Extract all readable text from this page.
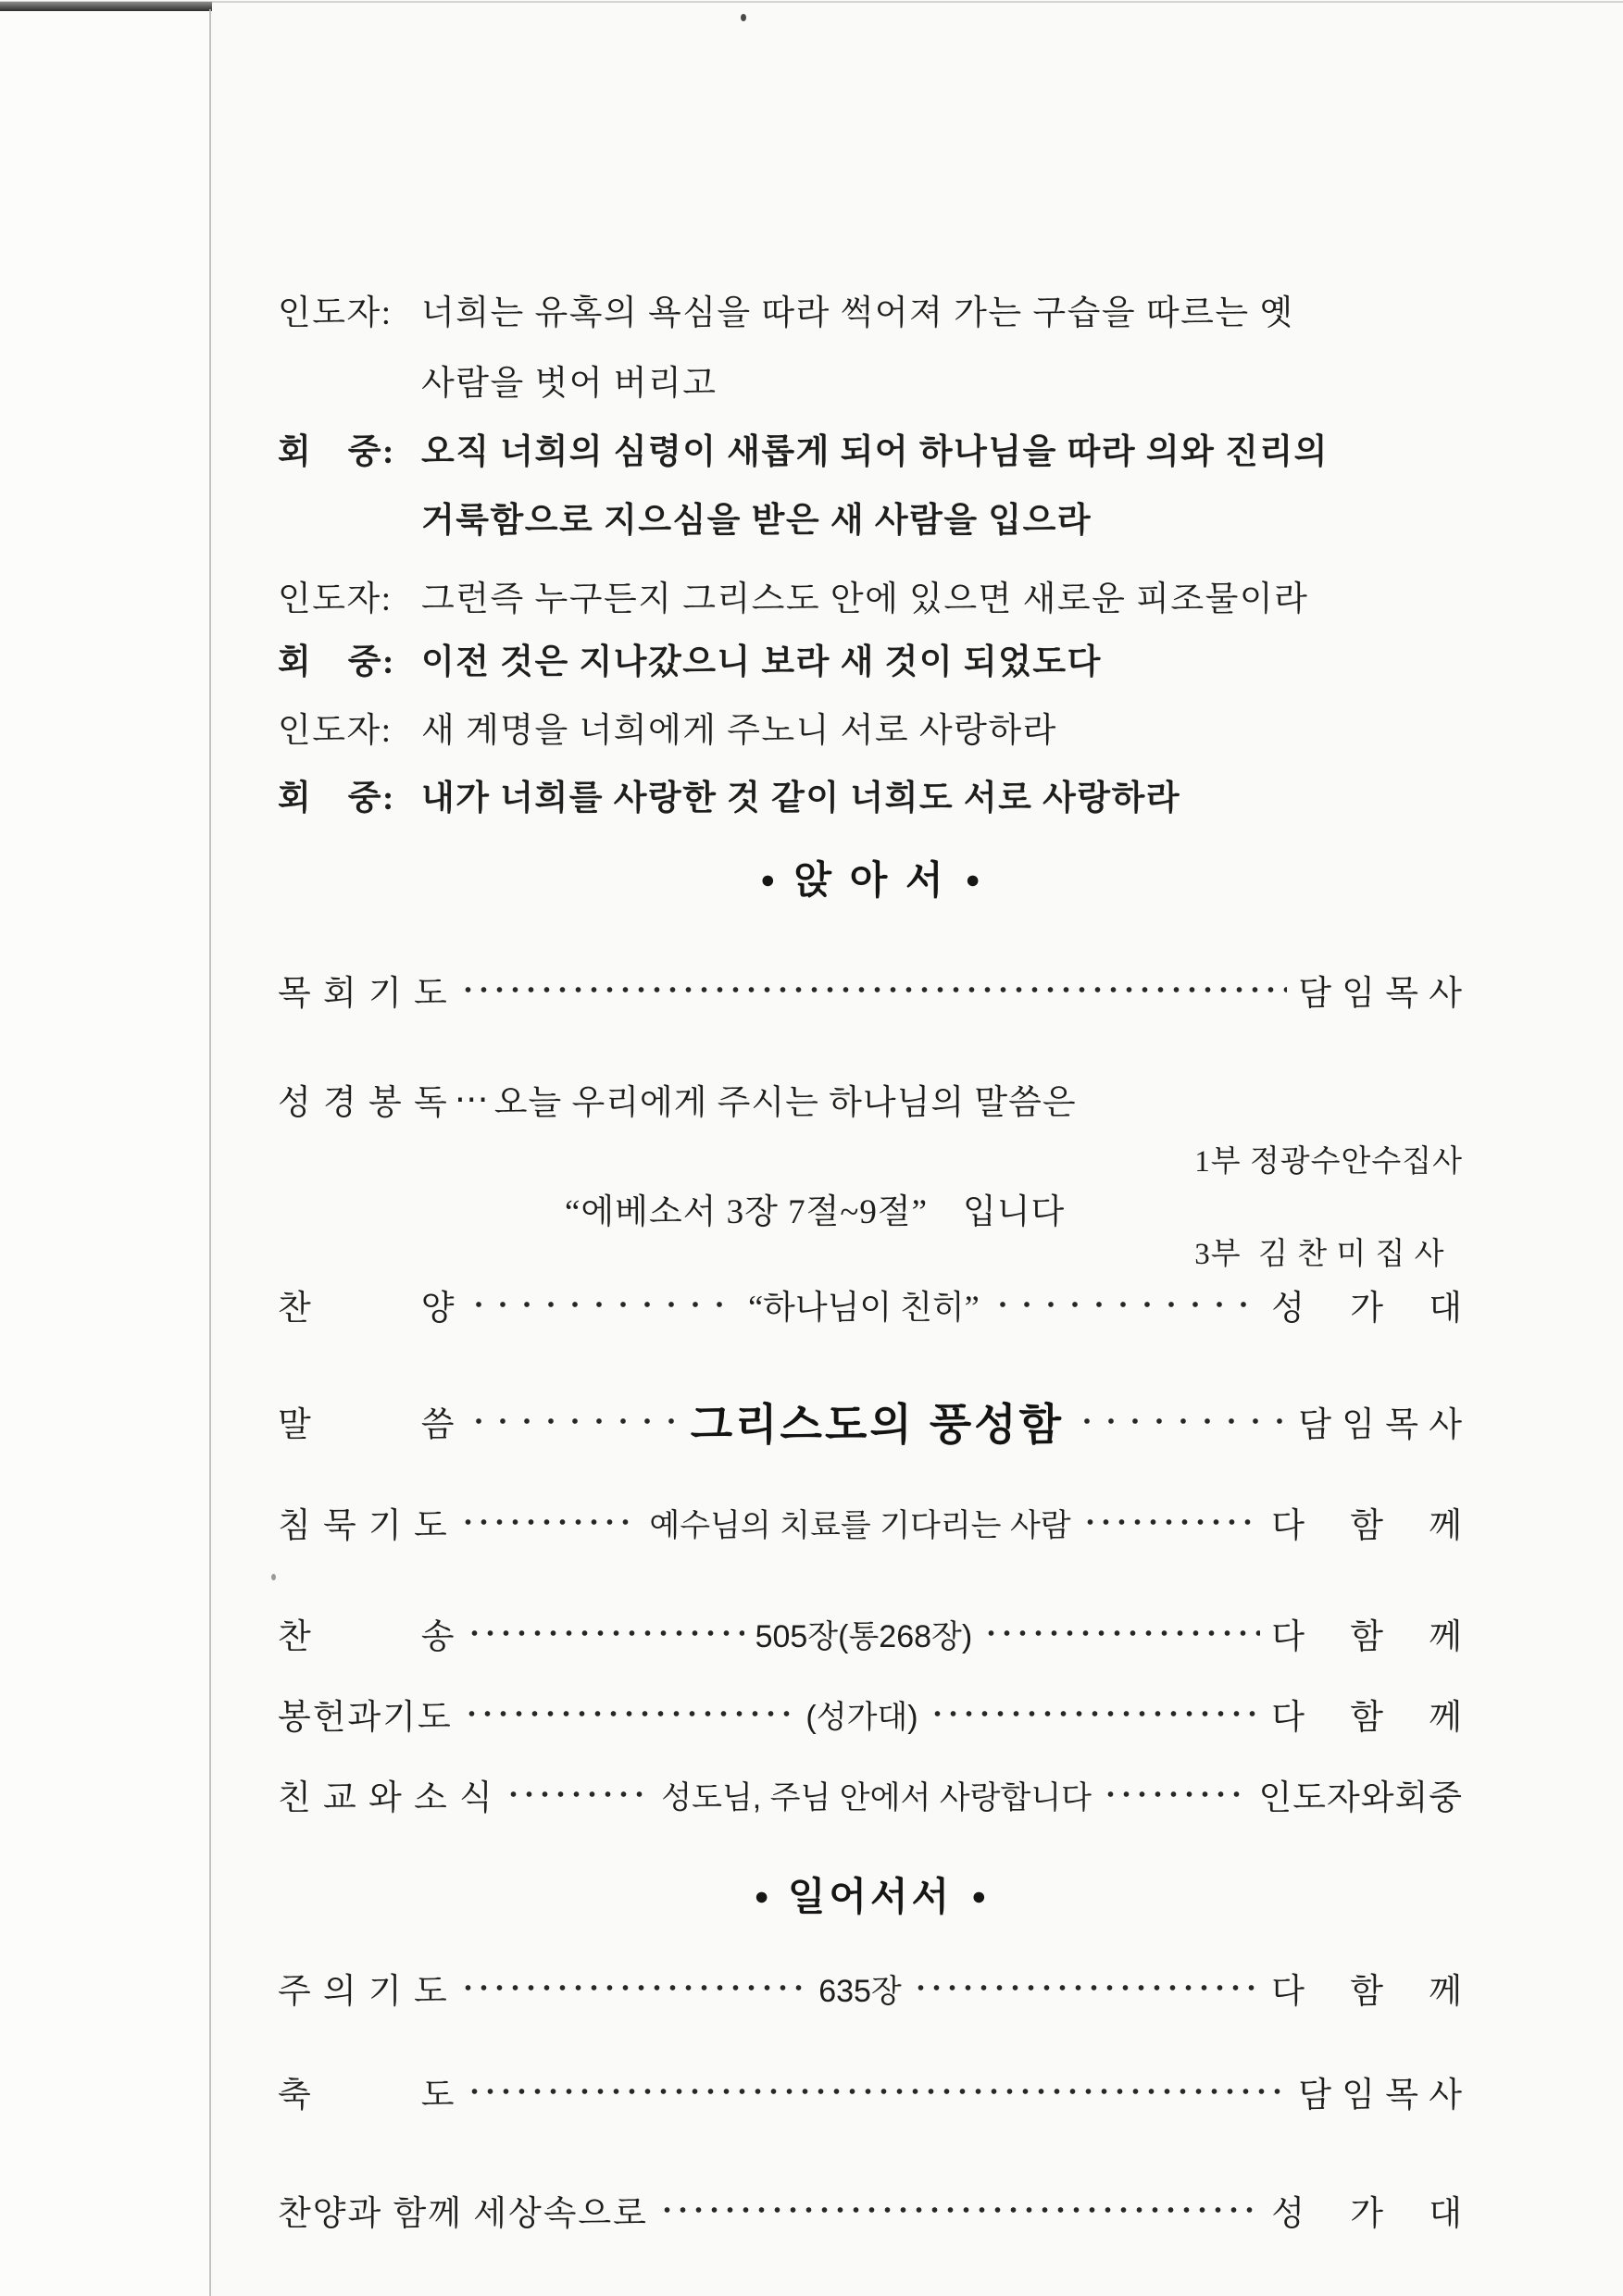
인도자: 너희는 유혹의 욕심을 따라 썩어져 가는 구습을 따르는 옛
사람을 벗어 버리고
회　중: 오직 너희의 심령이 새롭게 되어 하나님을 따라 의와 진리의
거룩함으로 지으심을 받은 새 사람을 입으라
인도자: 그런즉 누구든지 그리스도 안에 있으면 새로운 피조물이라
회　중: 이전 것은 지나갔으니 보라 새 것이 되었도다
인도자: 새 계명을 너희에게 주노니 서로 사랑하라
회　중: 내가 너희를 사랑한 것 같이 너희도 서로 사랑하라
● 앉 아 서 ●
목 회 기 도	담 임 목 사
성 경 봉 독 ⋯ 오늘 우리에게 주시는 하나님의 말씀은
“에베소서 3장 7절~9절”　입니다

1부 정광수안수집사

3부  김 찬 미 집 사

찬　　　양	“하나님이 친히”	성　 가　 대
말　　　씀	그리스도의 풍성함	담 임 목 사
침 묵 기 도	예수님의 치료를 기다리는 사람	다　 함　 께
찬　　　송	505장(통268장)	다　 함　 께
봉헌과기도	(성가대)	다　 함　 께
친 교 와 소 식	성도님, 주님 안에서 사랑합니다	인도자와회중
● 일어서서 ●
주 의 기 도	635장	다　 함　 께
축　　　도	담 임 목 사
찬양과 함께 세상속으로	성　 가　 대
